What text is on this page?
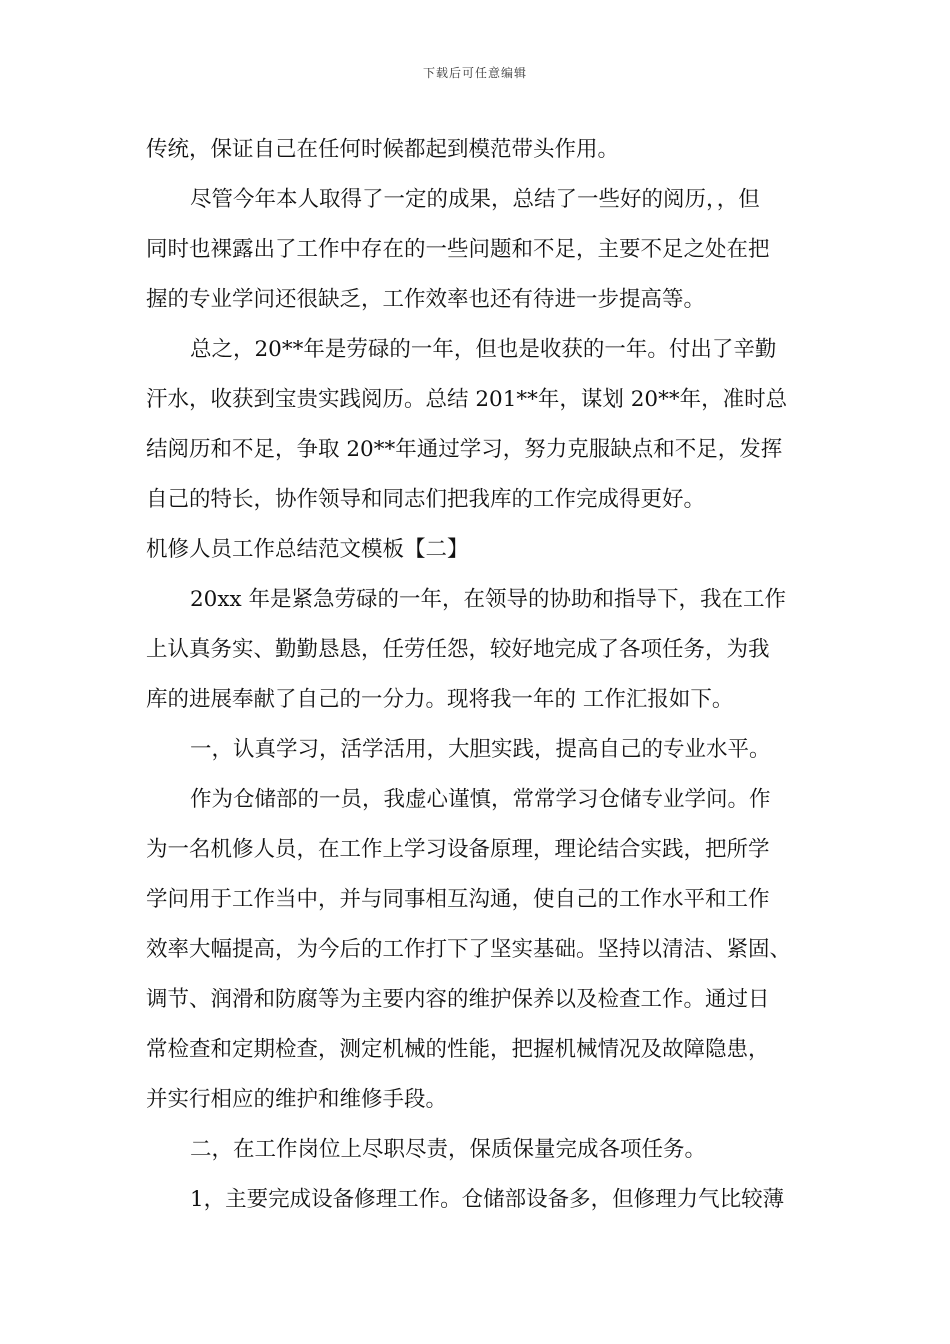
下载后可任意编辑
传统，保证自己在任何时候都起到模范带头作用。
尽管今年本人取得了一定的成果，总结了一些好的阅历，，但
同时也裸露出了工作中存在的一些问题和不足，主要不足之处在把
握的专业学问还很缺乏，工作效率也还有待进一步提高等。
总之，20**年是劳碌的一年，但也是收获的一年。付出了辛勤
汗水，收获到宝贵实践阅历。总结 201**年，谋划 20**年，准时总
结阅历和不足，争取 20**年通过学习，努力克服缺点和不足，发挥
自己的特长，协作领导和同志们把我库的工作完成得更好。
机修人员工作总结范文模板【二】
20xx 年是紧急劳碌的一年，在领导的协助和指导下，我在工作
上认真务实、勤勤恳恳，任劳任怨，较好地完成了各项任务，为我
库的进展奉献了自己的一分力。现将我一年的 工作汇报如下。
一，认真学习，活学活用，大胆实践，提高自己的专业水平。
作为仓储部的一员，我虚心谨慎，常常学习仓储专业学问。作
为一名机修人员，在工作上学习设备原理，理论结合实践，把所学
学问用于工作当中，并与同事相互沟通，使自己的工作水平和工作
效率大幅提高，为今后的工作打下了坚实基础。坚持以清洁、紧固、
调节、润滑和防腐等为主要内容的维护保养以及检查工作。通过日
常检查和定期检查，测定机械的性能，把握机械情况及故障隐患，
并实行相应的维护和维修手段。
二，在工作岗位上尽职尽责，保质保量完成各项任务。
1，主要完成设备修理工作。仓储部设备多，但修理力气比较薄
